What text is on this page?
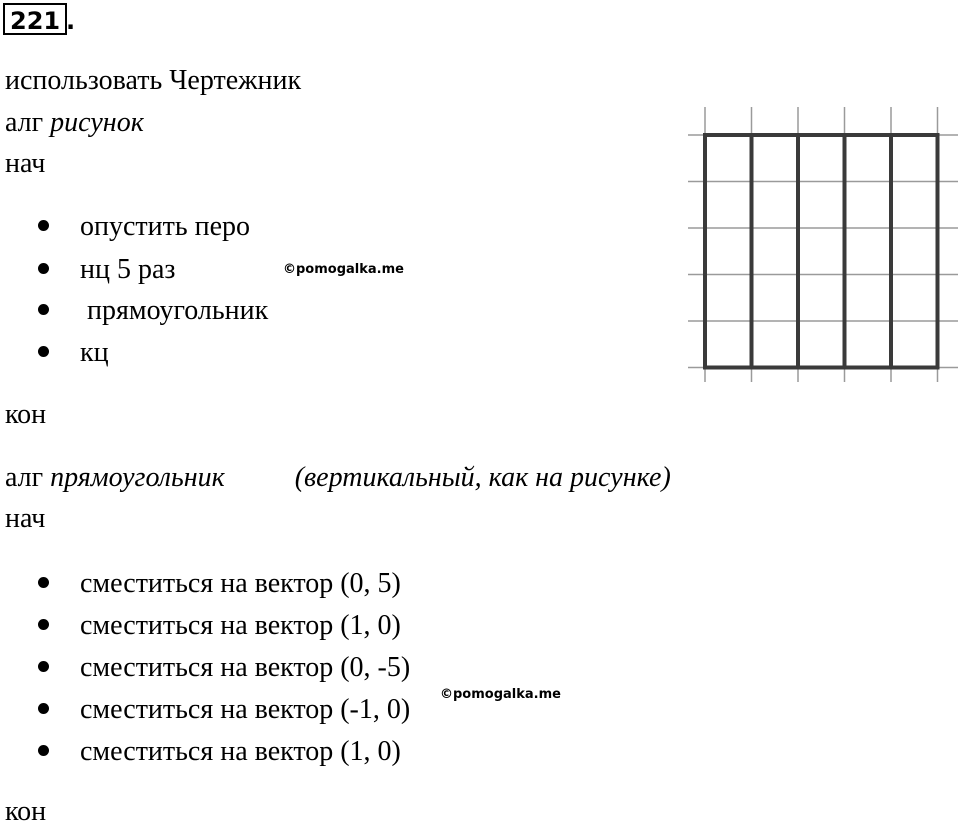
221 .
использовать Чертежник
алг рисунок
нач
опустить перо
нц 5 раз
прямоугольник
кц
кон
алг прямоугольник	(вертикальный, как на рисунке)
нач
сместиться на вектор (0, 5)
сместиться на вектор (1, 0)
сместиться на вектор (0, -5)
сместиться на вектор (-1, 0)
сместиться на вектор (1, 0)
кон
©pomogalka.me
©pomogalka.me
